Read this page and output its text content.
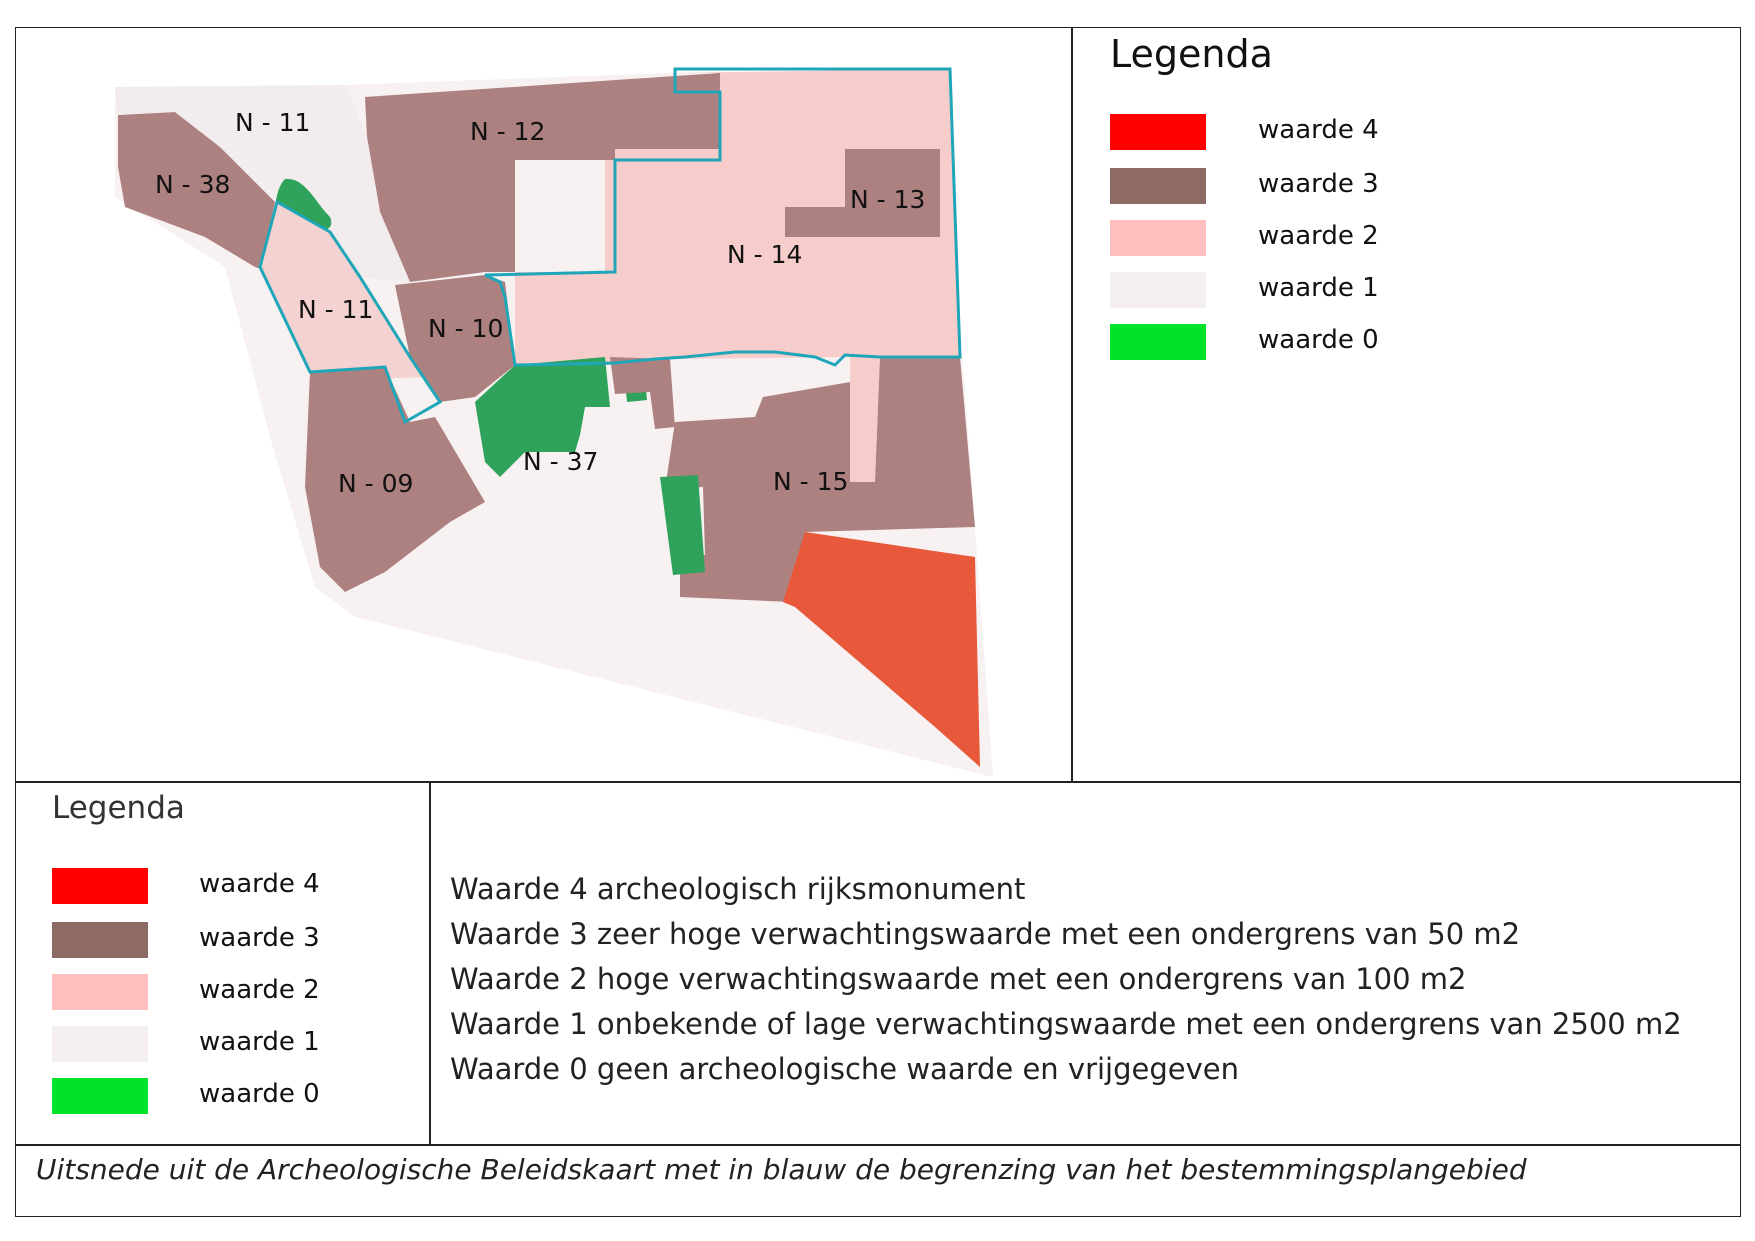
N - 11
N - 38
N - 12
N - 13
N - 14
N - 11
N - 10
N - 37
N - 09	N - 15
Legenda
waarde 4
waarde 3
waarde 2
waarde 1
waarde 0
Legenda
waarde 4
waarde 3
waarde 2
waarde 1
waarde 0
Waarde 4 archeologisch rijksmonument
Waarde 3 zeer hoge verwachtingswaarde met een ondergrens van 50 m2
Waarde 2 hoge verwachtingswaarde met een ondergrens van 100 m2
Waarde 1 onbekende of lage verwachtingswaarde met een ondergrens van 2500 m2
Waarde 0 geen archeologische waarde en vrijgegeven
Uitsnede uit de Archeologische Beleidskaart met in blauw de begrenzing van het bestemmingsplangebied
